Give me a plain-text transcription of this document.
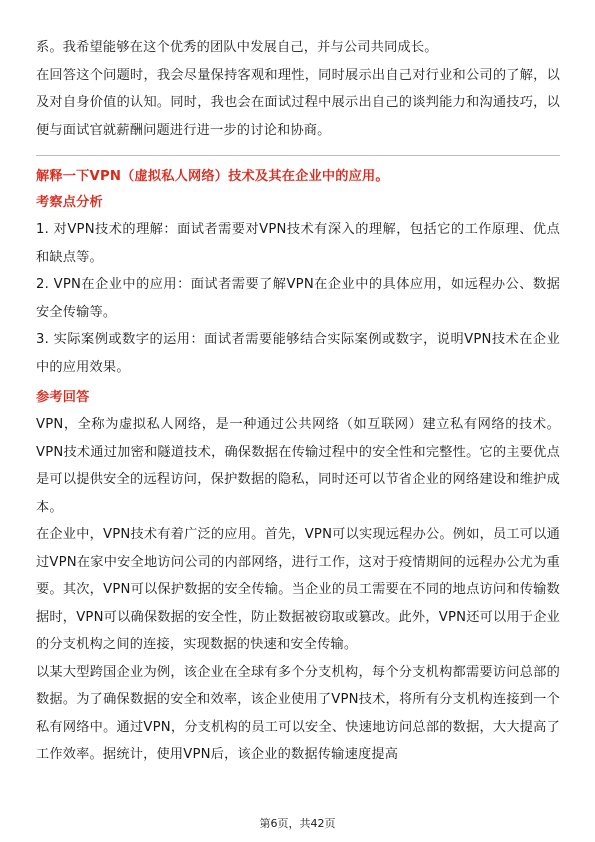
系。我希望能够在这个优秀的团队中发展自己，并与公司共同成长。

在回答这个问题时，我会尽量保持客观和理性，同时展示出自己对行业和公司的了解，以及对自身价值的认知。同时，我也会在面试过程中展示出自己的谈判能力和沟通技巧，以便与面试官就薪酬问题进行进一步的讨论和协商。

解释一下VPN（虚拟私人网络）技术及其在企业中的应用。

考察点分析

1. 对VPN技术的理解：面试者需要对VPN技术有深入的理解，包括它的工作原理、优点和缺点等。

2. VPN在企业中的应用：面试者需要了解VPN在企业中的具体应用，如远程办公、数据安全传输等。

3. 实际案例或数字的运用：面试者需要能够结合实际案例或数字，说明VPN技术在企业中的应用效果。

参考回答

VPN，全称为虚拟私人网络，是一种通过公共网络（如互联网）建立私有网络的技术。VPN技术通过加密和隧道技术，确保数据在传输过程中的安全性和完整性。它的主要优点是可以提供安全的远程访问，保护数据的隐私，同时还可以节省企业的网络建设和维护成本。

在企业中，VPN技术有着广泛的应用。首先，VPN可以实现远程办公。例如，员工可以通过VPN在家中安全地访问公司的内部网络，进行工作，这对于疫情期间的远程办公尤为重要。其次，VPN可以保护数据的安全传输。当企业的员工需要在不同的地点访问和传输数据时，VPN可以确保数据的安全性，防止数据被窃取或篡改。此外，VPN还可以用于企业的分支机构之间的连接，实现数据的快速和安全传输。

以某大型跨国企业为例，该企业在全球有多个分支机构，每个分支机构都需要访问总部的数据。为了确保数据的安全和效率，该企业使用了VPN技术，将所有分支机构连接到一个私有网络中。通过VPN，分支机构的员工可以安全、快速地访问总部的数据，大大提高了工作效率。据统计，使用VPN后，该企业的数据传输速度提高

第6页，共42页
